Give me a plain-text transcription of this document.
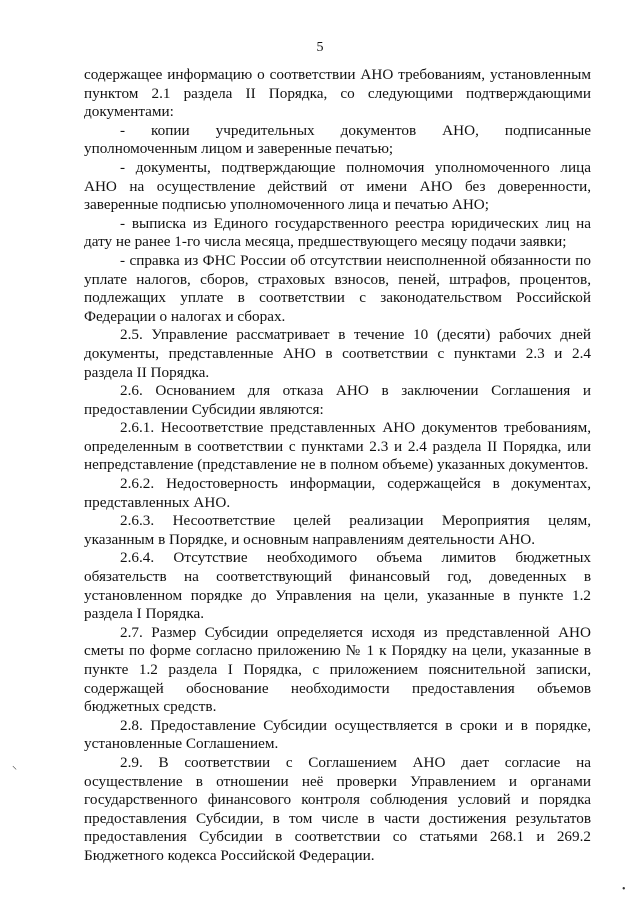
5

содержащее информацию о соответствии АНО требованиям, установленным пунктом 2.1 раздела II Порядка, со следующими подтверждающими документами:

- копии учредительных документов АНО, подписанные уполномоченным лицом и заверенные печатью;

- документы, подтверждающие полномочия уполномоченного лица АНО на осуществление действий от имени АНО без доверенности, заверенные подписью уполномоченного лица и печатью АНО;

- выписка из Единого государственного реестра юридических лиц на дату не ранее 1-го числа месяца, предшествующего месяцу подачи заявки;

- справка из ФНС России об отсутствии неисполненной обязанности по уплате налогов, сборов, страховых взносов, пеней, штрафов, процентов, подлежащих уплате в соответствии с законодательством Российской Федерации о налогах и сборах.

2.5. Управление рассматривает в течение 10 (десяти) рабочих дней документы, представленные АНО в соответствии с пунктами 2.3 и 2.4 раздела II Порядка.

2.6. Основанием для отказа АНО в заключении Соглашения и предоставлении Субсидии являются:

2.6.1. Несоответствие представленных АНО документов требованиям, определенным в соответствии с пунктами 2.3 и 2.4 раздела II Порядка, или непредставление (представление не в полном объеме) указанных документов.

2.6.2. Недостоверность информации, содержащейся в документах, представленных АНО.

2.6.3. Несоответствие целей реализации Мероприятия целям, указанным в Порядке, и основным направлениям деятельности АНО.

2.6.4. Отсутствие необходимого объема лимитов бюджетных обязательств на соответствующий финансовый год, доведенных в установленном порядке до Управления на цели, указанные в пункте 1.2 раздела I Порядка.

2.7. Размер Субсидии определяется исходя из представленной АНО сметы по форме согласно приложению № 1 к Порядку на цели, указанные в пункте 1.2 раздела I Порядка, с приложением пояснительной записки, содержащей обоснование необходимости предоставления объемов бюджетных средств.

2.8. Предоставление Субсидии осуществляется в сроки и в порядке, установленные Соглашением.

2.9. В соответствии с Соглашением АНО дает согласие на осуществление в отношении неё проверки Управлением и органами государственного финансового контроля соблюдения условий и порядка предоставления Субсидии, в том числе в части достижения результатов предоставления Субсидии в соответствии со статьями 268.1 и 269.2 Бюджетного кодекса Российской Федерации.

⸌
•
